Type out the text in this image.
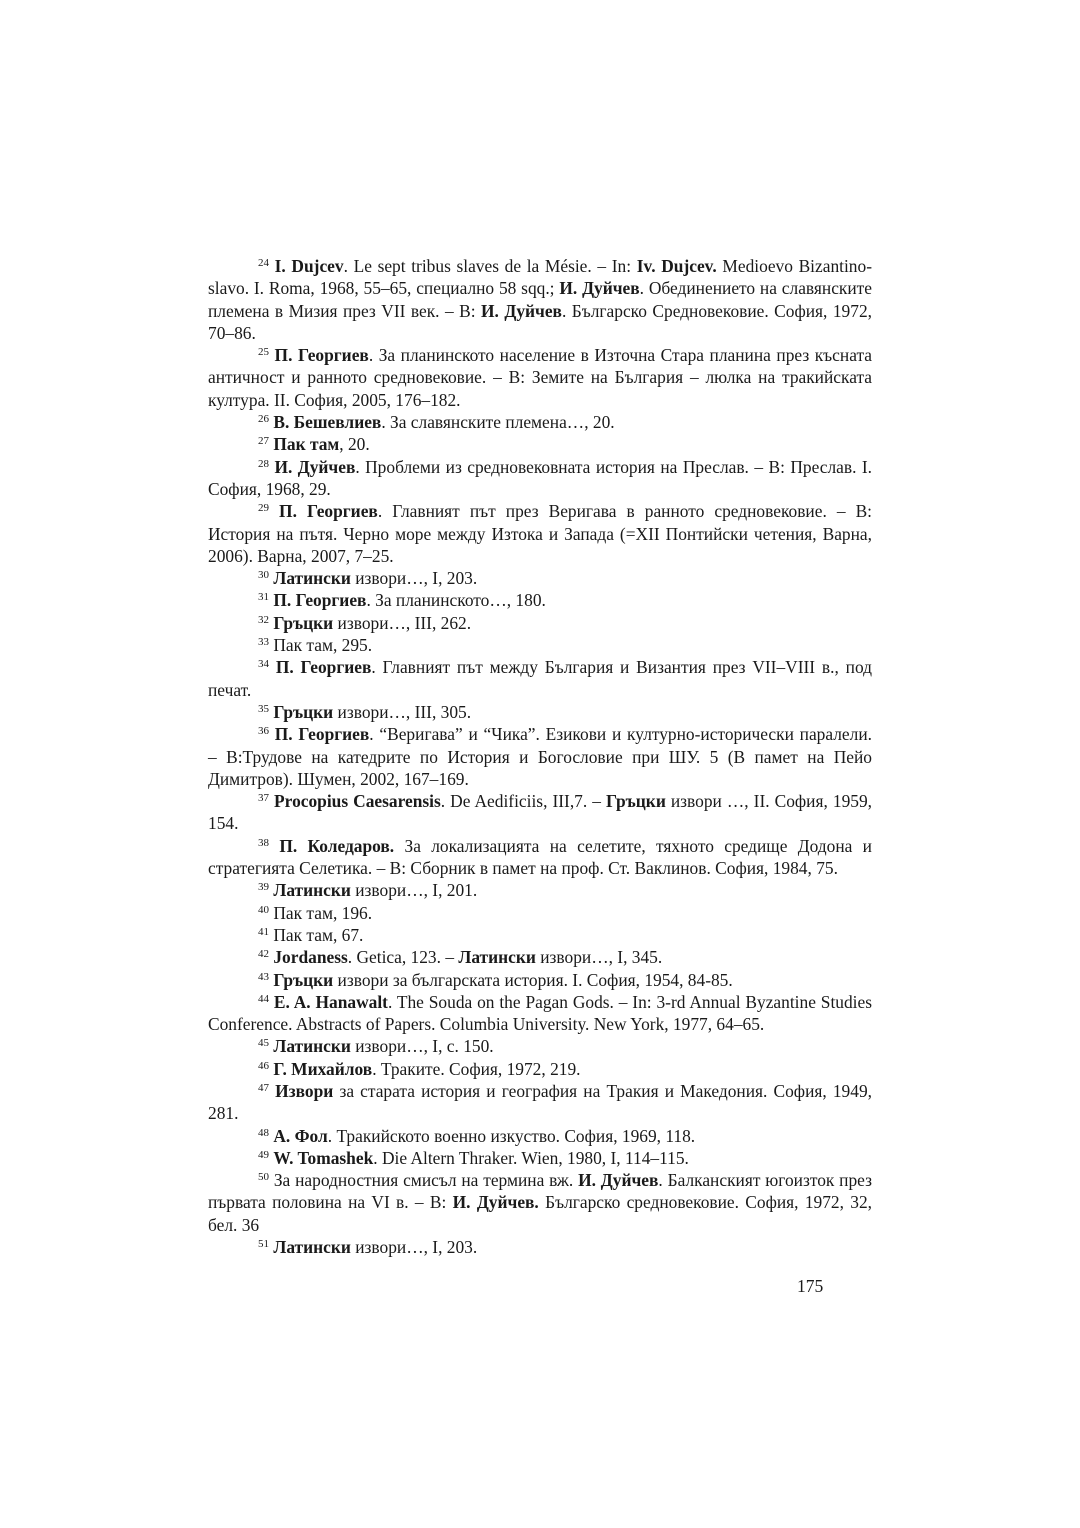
$^{24}$ I. Dujcev. Le sept tribus slaves de la Mésie. – In: Iv. Dujcev. Medioevo Bizantino-slavo. I. Roma, 1968, 55–65, специално 58 sqq.; И. Дуйчев. Обединението на славянските племена в Мизия през VII век. – В: И. Дуйчев. Българско Средновековие. София, 1972, 70–86.

$^{25}$ П. Георгиев. За планинското население в Източна Стара планина през късната античност и ранното средновековие. – В: Земите на България – люлка на тракийската култура. II. София, 2005, 176–182.

$^{26}$ В. Бешевлиев. За славянските племена…, 20.

$^{27}$ Пак там, 20.

$^{28}$ И. Дуйчев. Проблеми из средновековната история на Преслав. – В: Преслав. I. София, 1968, 29.

$^{29}$ П. Георгиев. Главният път през Веригава в ранното средновековие. – В: История на пътя. Черно море между Изтока и Запада (=XII Понтийски четения, Варна, 2006). Варна, 2007, 7–25.

$^{30}$ Латински извори…, I, 203.

$^{31}$ П. Георгиев. За планинското…, 180.

$^{32}$ Гръцки извори…, III, 262.

$^{33}$ Пак там, 295.

$^{34}$ П. Георгиев. Главният път между България и Византия през VII–VIII в., под печат.

$^{35}$ Гръцки извори…, III, 305.

$^{36}$ П. Георгиев. “Веригава” и “Чика”. Езикови и културно-исторически паралели. – В:Трудове на катедрите по История и Богословие при ШУ. 5 (В памет на Пейо Димитров). Шумен, 2002, 167–169.

$^{37}$ Procopius Caesarensis. De Aedificiis, III,7. – Гръцки извори …, II. София, 1959, 154.

$^{38}$ П. Коледаров. За локализацията на селетите, тяхното средище Додона и стратегията Селетика. – В: Сборник в памет на проф. Ст. Ваклинов. София, 1984, 75.

$^{39}$ Латински извори…, I, 201.

$^{40}$ Пак там, 196.

$^{41}$ Пак там, 67.

$^{42}$ Jordaness. Getica, 123. – Латински извори…, I, 345.

$^{43}$ Гръцки извори за българската история. I. София, 1954, 84-85.

$^{44}$ E. A. Hanawalt. The Souda on the Pagan Gods. – In: 3-rd Annual Byzantine Studies Conference. Abstracts of Papers. Columbia University. New York, 1977, 64–65.

$^{45}$ Латински извори…, I, с. 150.

$^{46}$ Г. Михайлов. Траките. София, 1972, 219.

$^{47}$ Извори за старата история и география на Тракия и Македония. София, 1949, 281.

$^{48}$ А. Фол. Тракийското военно изкуство. София, 1969, 118.

$^{49}$ W. Tomashek. Die Altern Thraker. Wien, 1980, I, 114–115.

$^{50}$ За народностния смисъл на термина вж. И. Дуйчев. Балканският югоизток през първата половина на VI в. – В: И. Дуйчев. Българско средновековие. София, 1972, 32, бел. 36

$^{51}$ Латински извори…, I, 203.

175
